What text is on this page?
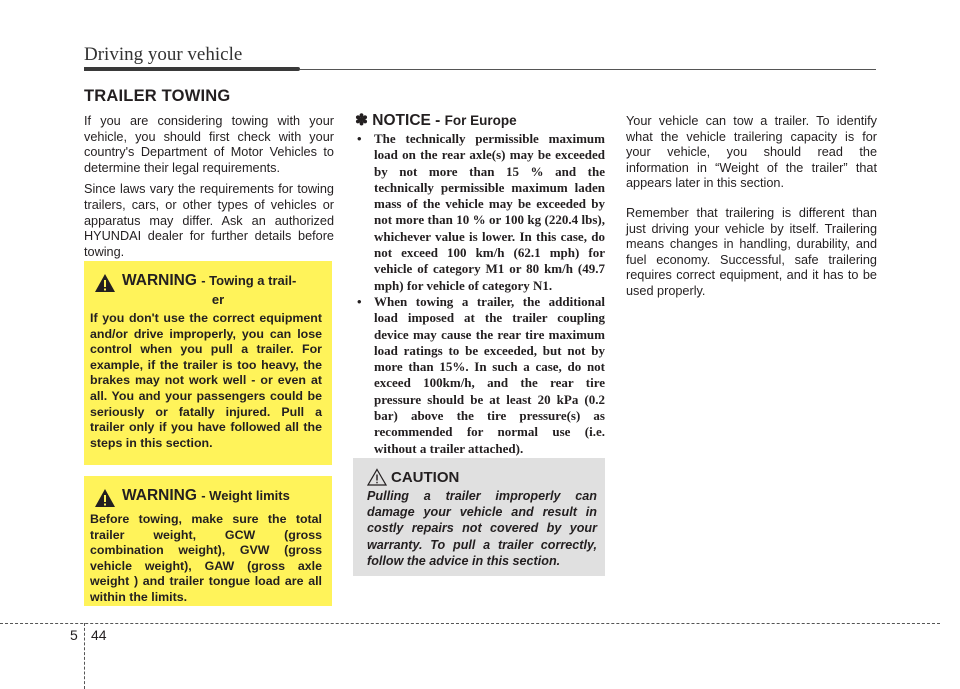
Driving your vehicle
TRAILER TOWING

If you are considering towing with your vehicle, you should first check with your country's Department of Motor Vehicles to determine their legal requirements.

Since laws vary the requirements for towing trailers, cars, or other types of vehicles or apparatus may differ. Ask an authorized HYUNDAI dealer for further details before towing.

WARNING - Towing a trail-
er
If you don't use the correct equipment and/or drive improperly, you can lose control when you pull a trailer. For example, if the trailer is too heavy, the brakes may not work well - or even at all. You and your passengers could be seriously or fatally injured. Pull a trailer only if you have followed all the steps in this section.
WARNING - Weight limits
Before towing, make sure the total trailer weight, GCW (gross combination weight), GVW (gross vehicle weight), GAW (gross axle weight ) and trailer tongue load are all within the limits.
✽ NOTICE - For Europe
• The technically permissible maximum load on the rear axle(s) may be exceeded by not more than 15 % and the technically permissible maximum laden mass of the vehicle may be exceeded by not more than 10 % or 100 kg (220.4 lbs), whichever value is lower. In this case, do not exceed 100 km/h (62.1 mph) for vehicle of category M1 or 80 km/h (49.7 mph) for vehicle of category N1.
• When towing a trailer, the additional load imposed at the trailer coupling device may cause the rear tire maximum load ratings to be exceeded, but not by more than 15%. In such a case, do not exceed 100km/h, and the rear tire pressure should be at least 20 kPa (0.2 bar) above the tire pressure(s) as recommended for normal use (i.e. without a trailer attached).
CAUTION
Pulling a trailer improperly can damage your vehicle and result in costly repairs not covered by your warranty. To pull a trailer correctly, follow the advice in this section.

Your vehicle can tow a trailer. To identify what the vehicle trailering capacity is for your vehicle, you should read the information in “Weight of the trailer” that appears later in this section.

Remember that trailering is different than just driving your vehicle by itself. Trailering means changes in handling, durability, and fuel economy. Successful, safe trailering requires correct equipment, and it has to be used properly.

5 44
